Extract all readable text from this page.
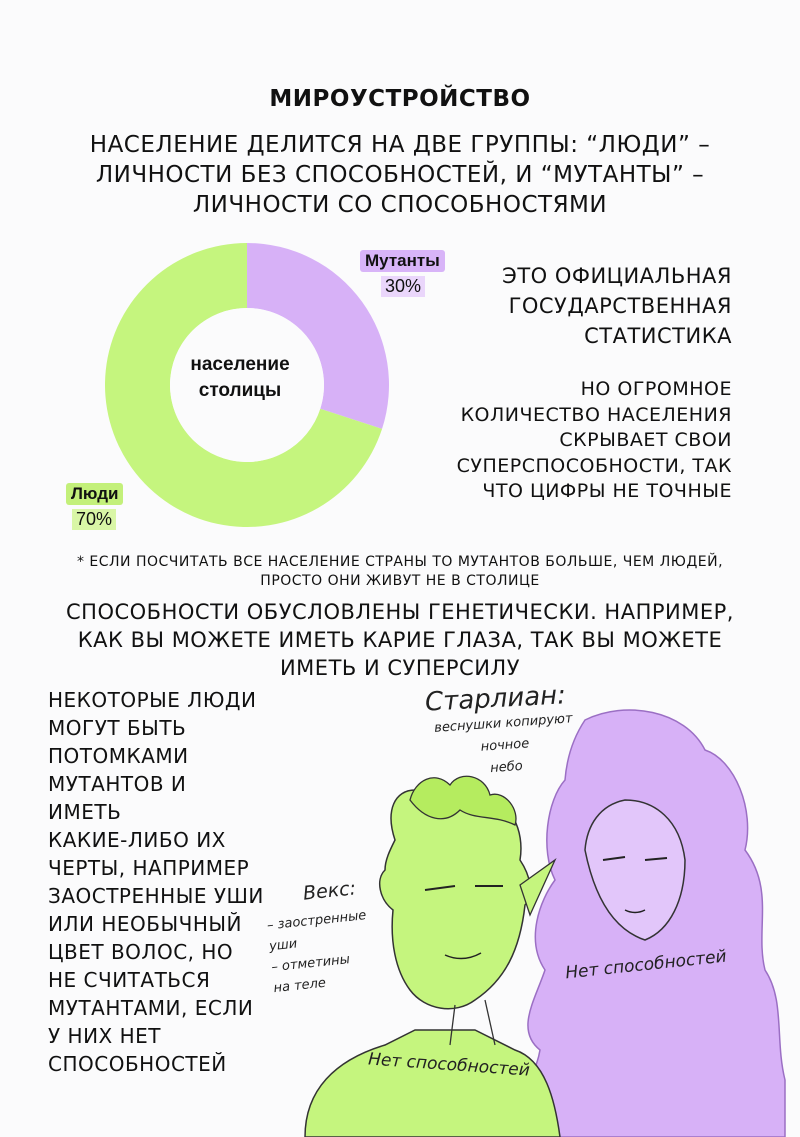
МИРОУСТРОЙСТВО
НАСЕЛЕНИЕ ДЕЛИТСЯ НА ДВЕ ГРУППЫ: “ЛЮДИ” – ЛИЧНОСТИ БЕЗ СПОСОБНОСТЕЙ, И “МУТАНТЫ” – ЛИЧНОСТИ СО СПОСОБНОСТЯМИ
население
столицы
Мутанты
30%
Люди
70%
ЭТО ОФИЦИАЛЬНАЯ
ГОСУДАРСТВЕННАЯ
СТАТИСТИКА
НО ОГРОМНОЕ
КОЛИЧЕСТВО НАСЕЛЕНИЯ
СКРЫВАЕТ СВОИ
СУПЕРСПОСОБНОСТИ, ТАК
ЧТО ЦИФРЫ НЕ ТОЧНЫЕ
* ЕСЛИ ПОСЧИТАТЬ ВСЕ НАСЕЛЕНИЕ СТРАНЫ ТО МУТАНТОВ БОЛЬШЕ, ЧЕМ ЛЮДЕЙ,
ПРОСТО ОНИ ЖИВУТ НЕ В СТОЛИЦЕ
СПОСОБНОСТИ ОБУСЛОВЛЕНЫ ГЕНЕТИЧЕСКИ. НАПРИМЕР,
КАК ВЫ МОЖЕТЕ ИМЕТЬ КАРИЕ ГЛАЗА, ТАК ВЫ МОЖЕТЕ
ИМЕТЬ И СУПЕРСИЛУ
НЕКОТОРЫЕ ЛЮДИ
МОГУТ БЫТЬ
ПОТОМКАМИ
МУТАНТОВ И
ИМЕТЬ
КАКИЕ-ЛИБО ИХ
ЧЕРТЫ, НАПРИМЕР
ЗАОСТРЕННЫЕ УШИ
ИЛИ НЕОБЫЧНЫЙ
ЦВЕТ ВОЛОС, НО
НЕ СЧИТАТЬСЯ
МУТАНТАМИ, ЕСЛИ
У НИХ НЕТ
СПОСОБНОСТЕЙ
Старлиан:
веснушки копируют
ночное
небо
Векс:
– заостренные
уши
– отметины
на теле
Нет способностей
Нет способностей
